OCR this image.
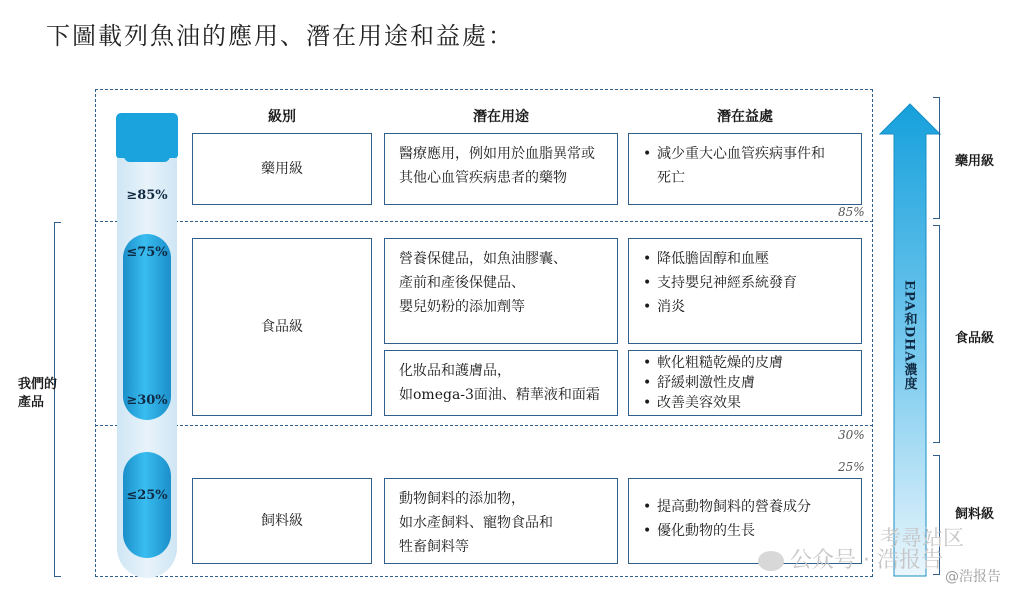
下圖載列魚油的應用、潛在用途和益處：
我們的
產品
≥85%
≤75%
≥30%
≤25%
級別	潛在用途	潛在益處
藥用級
醫療應用，例如用於血脂異常或
其他心血管疾病患者的藥物
• 減少重大心血管疾病事件和
死亡
85%
食品級
營養保健品，如魚油膠囊、
產前和產後保健品、
嬰兒奶粉的添加劑等
• 降低膽固醇和血壓
• 支持嬰兒神經系統發育
• 消炎
化妝品和護膚品，
如omega-3面油、精華液和面霜
• 軟化粗糙乾燥的皮膚
• 舒緩刺激性皮膚
• 改善美容效果
30%
25%
飼料級
動物飼料的添加物，
如水產飼料、寵物食品和
牲畜飼料等
• 提高動物飼料的營養成分
• 優化動物的生長
EPA和DHA濃度
藥用級
食品級
飼料級
公众号 · 浩报告
考尋站区
@浩报告
